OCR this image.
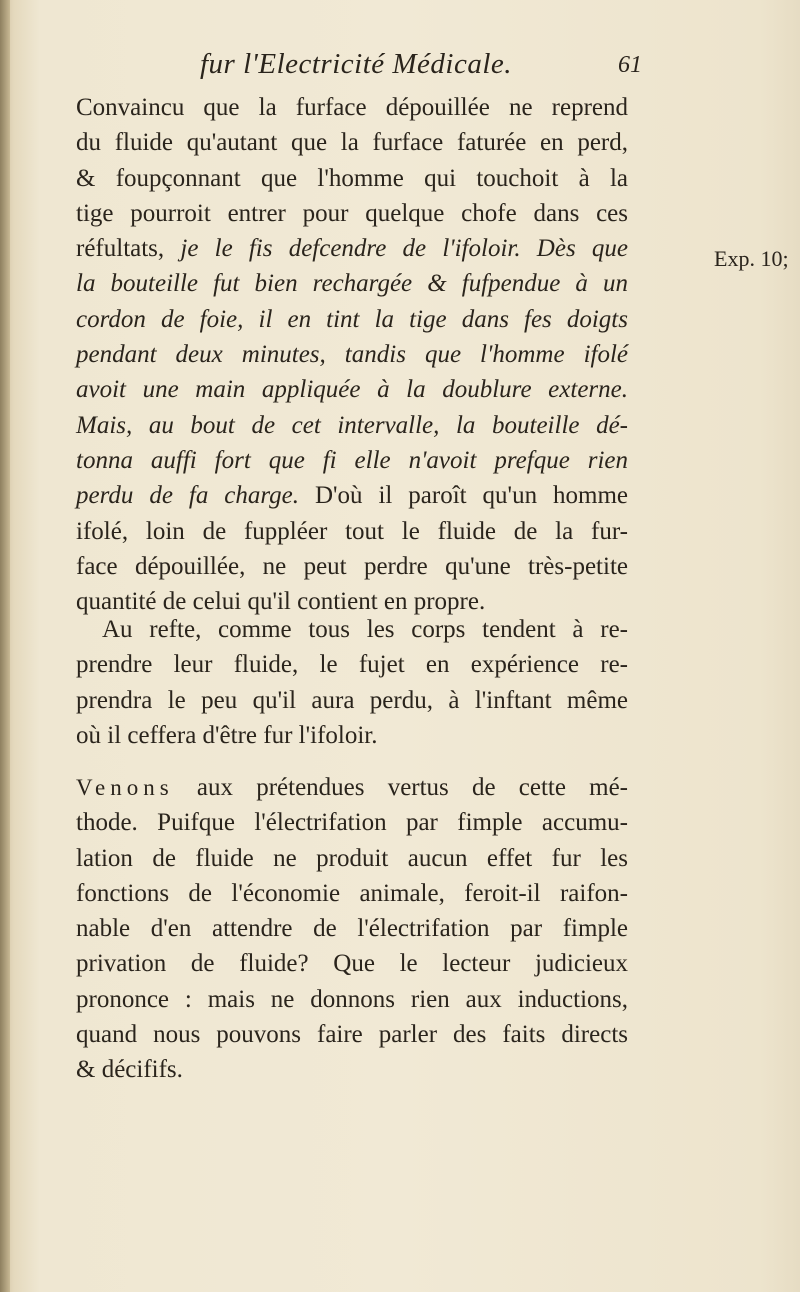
fur l'Electricité Médicale.	61
Exp. 10;
Convaincu que la furface dépouillée ne reprend
du fluide qu'autant que la furface faturée en perd,
& foupçonnant que l'homme qui touchoit à la
tige pourroit entrer pour quelque chofe dans ces
réfultats, je le fis defcendre de l'ifoloir. Dès que
la bouteille fut bien rechargée & fufpendue à un
cordon de foie, il en tint la tige dans fes doigts
pendant deux minutes, tandis que l'homme ifolé
avoit une main appliquée à la doublure externe.
Mais, au bout de cet intervalle, la bouteille dé-
tonna auffi fort que fi elle n'avoit prefque rien
perdu de fa charge. D'où il paroît qu'un homme
ifolé, loin de fuppléer tout le fluide de la fur-
face dépouillée, ne peut perdre qu'une très-petite
quantité de celui qu'il contient en propre.
Au refte, comme tous les corps tendent à re-
prendre leur fluide, le fujet en expérience re-
prendra le peu qu'il aura perdu, à l'inftant même
où il ceffera d'être fur l'ifoloir.
Venons aux prétendues vertus de cette mé-
thode. Puifque l'électrifation par fimple accumu-
lation de fluide ne produit aucun effet fur les
fonctions de l'économie animale, feroit-il raifon-
nable d'en attendre de l'électrifation par fimple
privation de fluide? Que le lecteur judicieux
prononce : mais ne donnons rien aux inductions,
quand nous pouvons faire parler des faits directs
& décififs.
